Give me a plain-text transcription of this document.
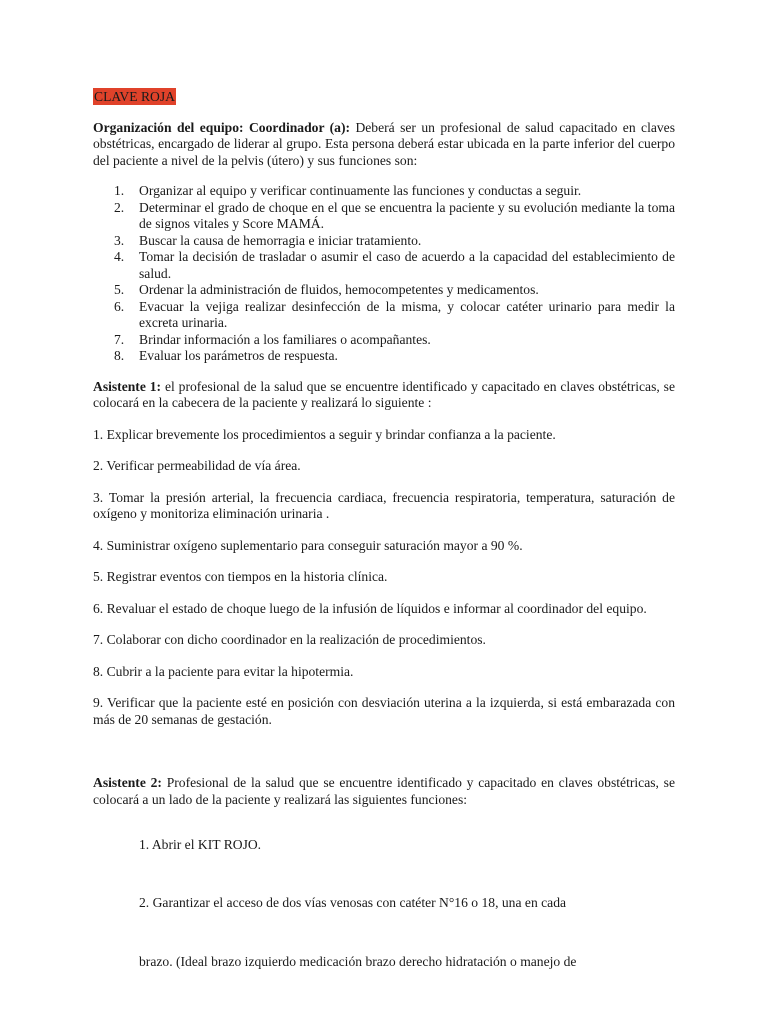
CLAVE ROJA

Organización del equipo: Coordinador (a): Deberá ser un profesional de salud capacitado en claves obstétricas, encargado de liderar al grupo. Esta persona deberá estar ubicada en la parte inferior del cuerpo del paciente a nivel de la pelvis (útero) y sus funciones son:

1. Organizar al equipo y verificar continuamente las funciones y conductas a seguir.
2. Determinar el grado de choque en el que se encuentra la paciente y su evolución mediante la toma de signos vitales y Score MAMÁ.
3. Buscar la causa de hemorragia e iniciar tratamiento.
4. Tomar la decisión de trasladar o asumir el caso de acuerdo a la capacidad del establecimiento de salud.
5. Ordenar la administración de fluidos, hemocompetentes y medicamentos.
6. Evacuar la vejiga realizar desinfección de la misma, y colocar catéter urinario para medir la excreta urinaria.
7. Brindar información a los familiares o acompañantes.
8. Evaluar los parámetros de respuesta.

Asistente 1: el profesional de la salud que se encuentre identificado y capacitado en claves obstétricas, se colocará en la cabecera de la paciente y realizará lo siguiente :

1. Explicar brevemente los procedimientos a seguir y brindar confianza a la paciente.

2. Verificar permeabilidad de vía área.

3. Tomar la presión arterial, la frecuencia cardiaca, frecuencia respiratoria, temperatura, saturación de oxígeno y monitoriza eliminación urinaria .

4. Suministrar oxígeno suplementario para conseguir saturación mayor a 90 %.

5. Registrar eventos con tiempos en la historia clínica.

6. Revaluar el estado de choque luego de la infusión de líquidos e informar al coordinador del equipo.

7. Colaborar con dicho coordinador en la realización de procedimientos.

8. Cubrir a la paciente para evitar la hipotermia.

9. Verificar que la paciente esté en posición con desviación uterina a la izquierda, si está embarazada con más de 20 semanas de gestación.

Asistente 2: Profesional de la salud que se encuentre identificado y capacitado en claves obstétricas, se colocará a un lado de la paciente y realizará las siguientes funciones:

1. Abrir el KIT ROJO.

2. Garantizar el acceso de dos vías venosas con catéter N°16 o 18, una en cada

brazo. (Ideal brazo izquierdo medicación brazo derecho hidratación o manejo de
